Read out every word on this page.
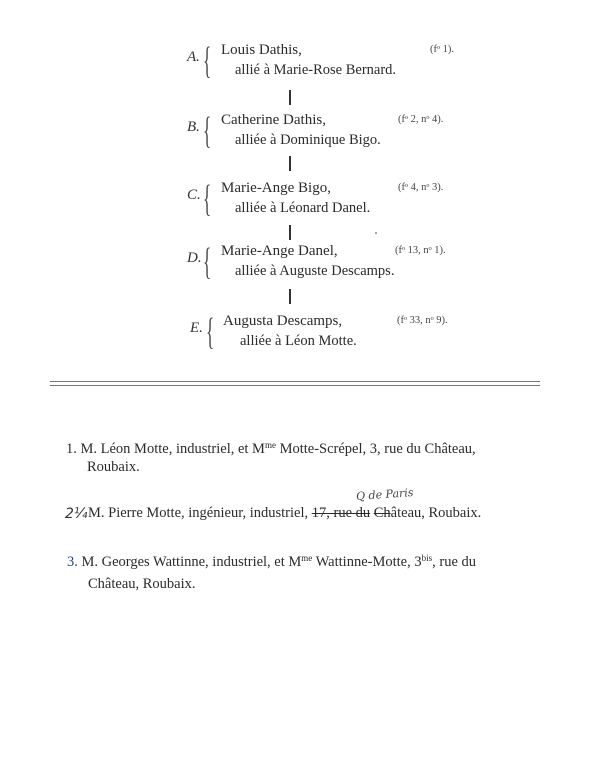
A. { Louis Dathis,
allié à Marie-Rose Bernard.
(fᵒ 1).
B. { Catherine Dathis,
alliée à Dominique Bigo.
(fᵒ 2, nᵒ 4).
C. { Marie-Ange Bigo,
alliée à Léonard Danel.
(fᵒ 4, nᵒ 3).
D. { Marie-Ange Danel,
alliée à Auguste Descamps.
(fᵒ 13, nᵒ 1).
E. { Augusta Descamps,
alliée à Léon Motte.
(fᵒ 33, nᵒ 9).
1. M. Léon Motte, industriel, et $M^{me}$ Motte-Scrépel, 3, rue du Château,
Roubaix.
Q de Paris
2¼ M. Pierre Motte, ingénieur, industriel, 17, rue du Château, Roubaix.
3. M. Georges Wattinne, industriel, et $M^{me}$ Wattinne-Motte, $3^{bis}$, rue du
Château, Roubaix.
